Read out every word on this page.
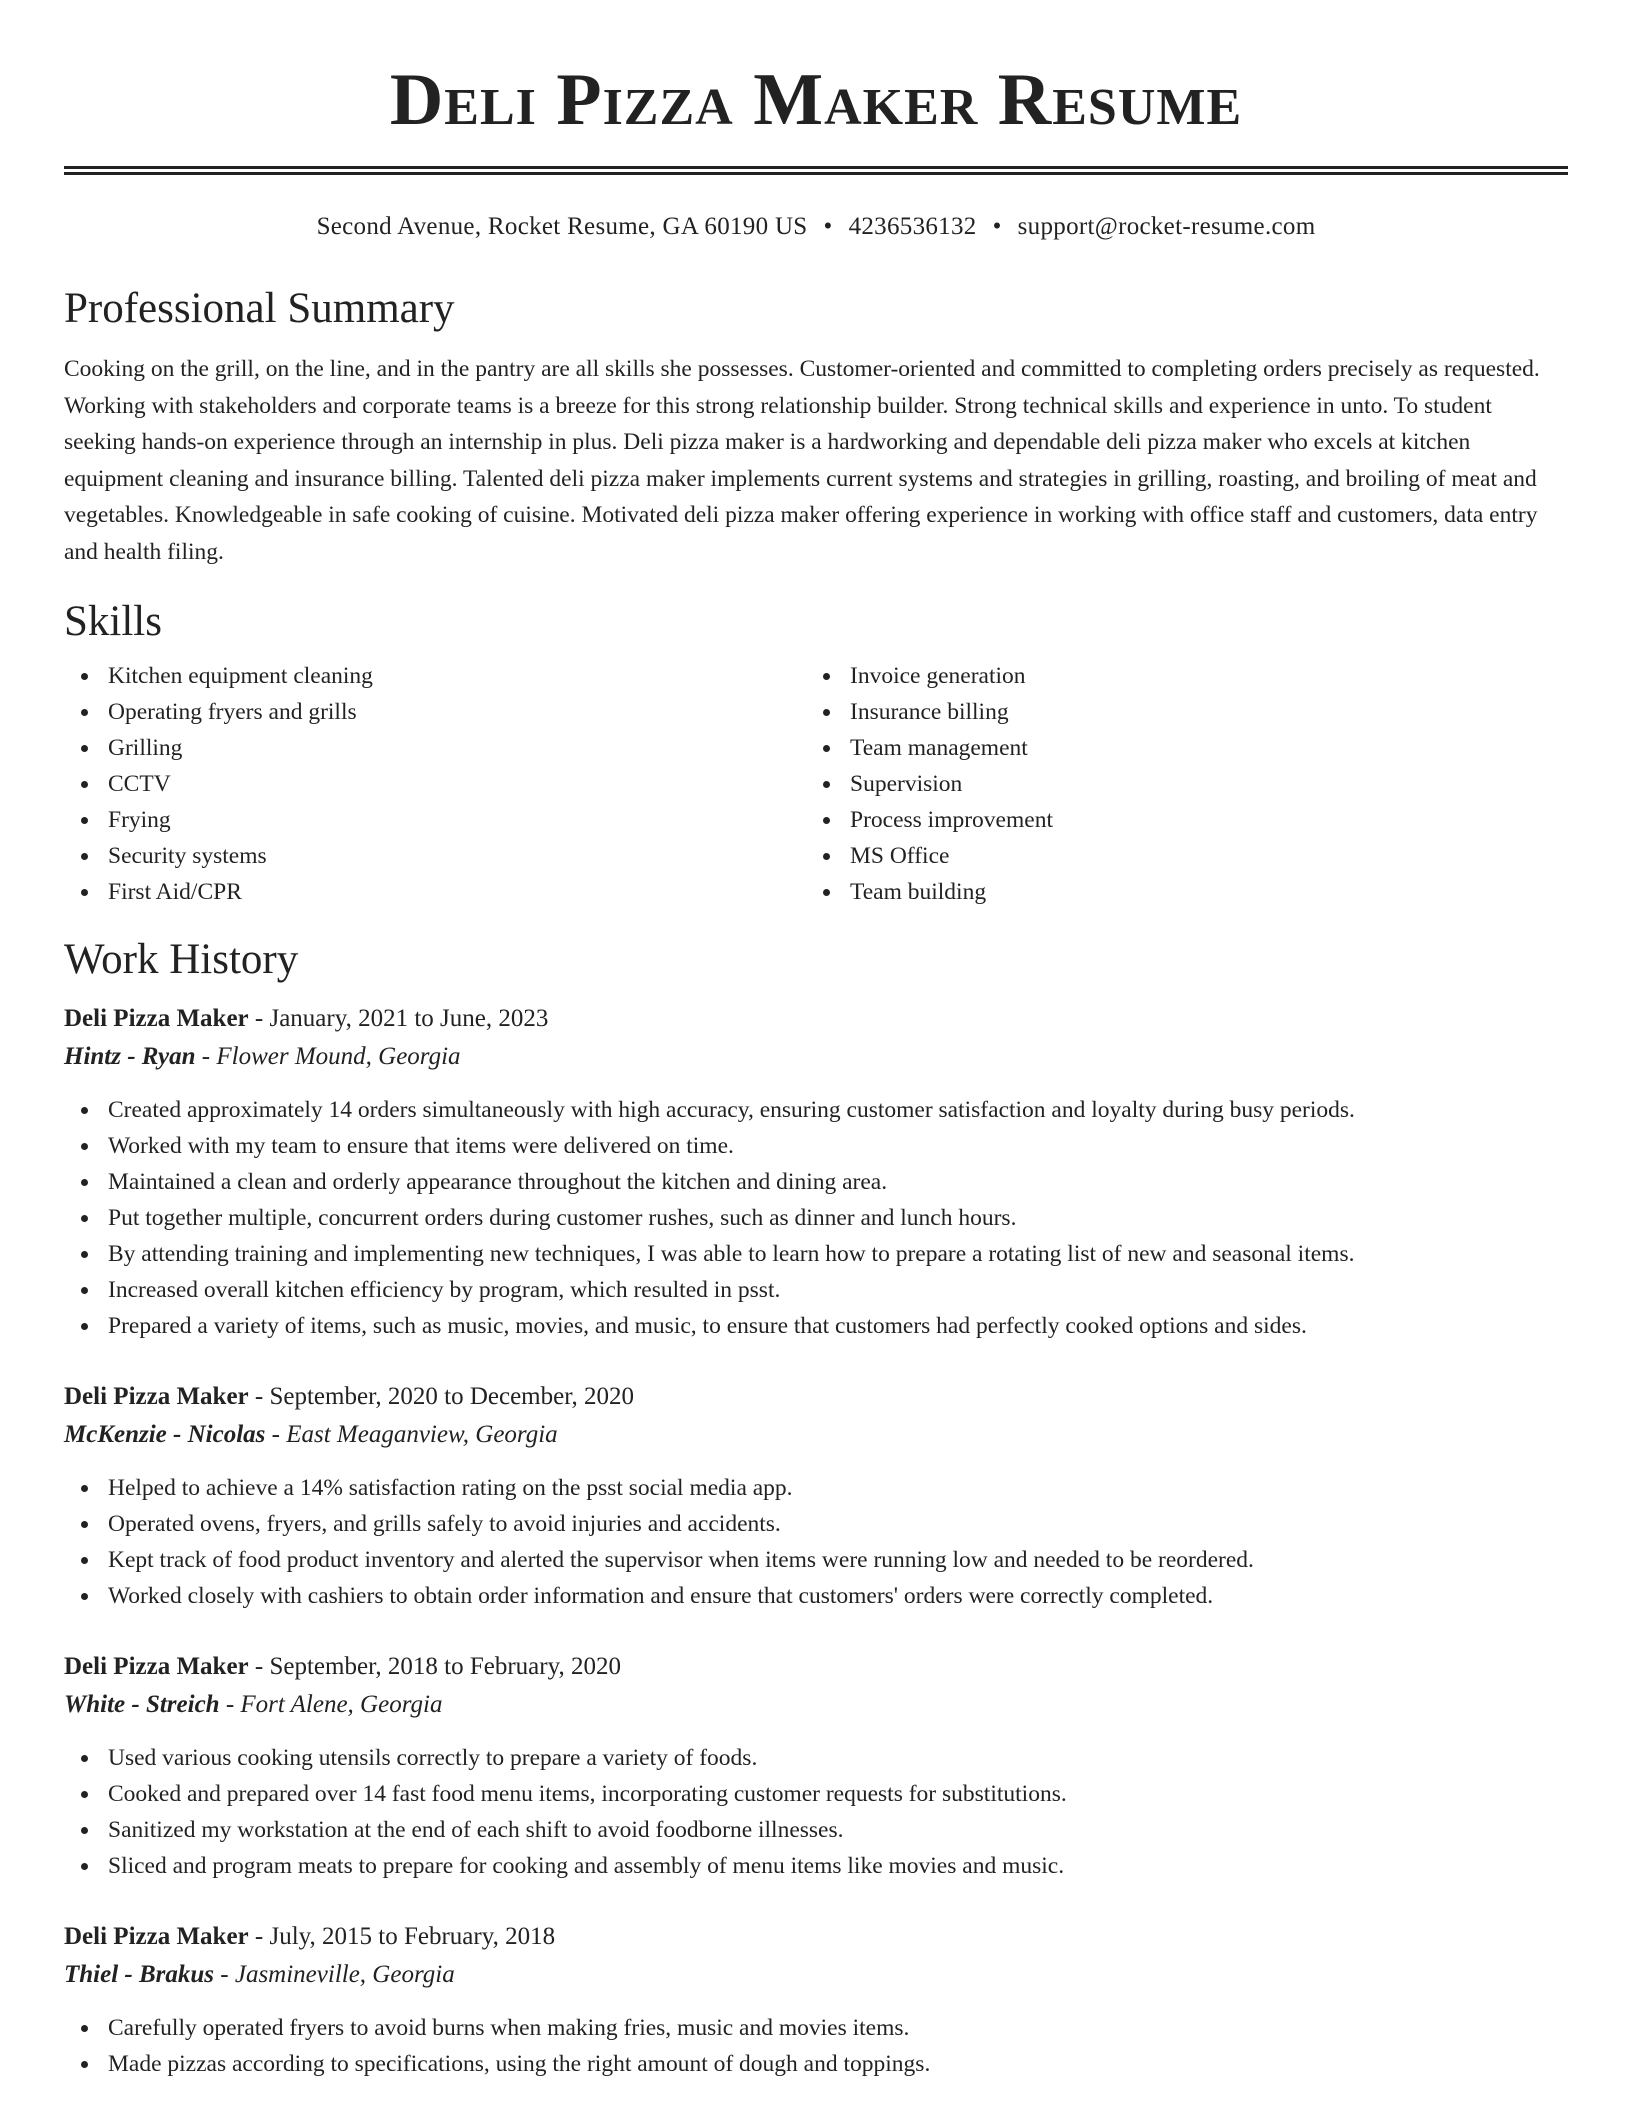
Deli Pizza Maker Resume
Second Avenue, Rocket Resume, GA 60190 US • 4236536132 • support@rocket-resume.com
Professional Summary

Cooking on the grill, on the line, and in the pantry are all skills she possesses. Customer-oriented and committed to completing orders precisely as requested. Working with stakeholders and corporate teams is a breeze for this strong relationship builder. Strong technical skills and experience in unto. To student seeking hands-on experience through an internship in plus. Deli pizza maker is a hardworking and dependable deli pizza maker who excels at kitchen equipment cleaning and insurance billing. Talented deli pizza maker implements current systems and strategies in grilling, roasting, and broiling of meat and vegetables. Knowledgeable in safe cooking of cuisine. Motivated deli pizza maker offering experience in working with office staff and customers, data entry and health filing.

Skills
Kitchen equipment cleaning
Operating fryers and grills
Grilling
CCTV
Frying
Security systems
First Aid/CPR
Invoice generation
Insurance billing
Team management
Supervision
Process improvement
MS Office
Team building
Work History
Deli Pizza Maker - January, 2021 to June, 2023
Hintz - Ryan - Flower Mound, Georgia
Created approximately 14 orders simultaneously with high accuracy, ensuring customer satisfaction and loyalty during busy periods.
Worked with my team to ensure that items were delivered on time.
Maintained a clean and orderly appearance throughout the kitchen and dining area.
Put together multiple, concurrent orders during customer rushes, such as dinner and lunch hours.
By attending training and implementing new techniques, I was able to learn how to prepare a rotating list of new and seasonal items.
Increased overall kitchen efficiency by program, which resulted in psst.
Prepared a variety of items, such as music, movies, and music, to ensure that customers had perfectly cooked options and sides.
Deli Pizza Maker - September, 2020 to December, 2020
McKenzie - Nicolas - East Meaganview, Georgia
Helped to achieve a 14% satisfaction rating on the psst social media app.
Operated ovens, fryers, and grills safely to avoid injuries and accidents.
Kept track of food product inventory and alerted the supervisor when items were running low and needed to be reordered.
Worked closely with cashiers to obtain order information and ensure that customers' orders were correctly completed.
Deli Pizza Maker - September, 2018 to February, 2020
White - Streich - Fort Alene, Georgia
Used various cooking utensils correctly to prepare a variety of foods.
Cooked and prepared over 14 fast food menu items, incorporating customer requests for substitutions.
Sanitized my workstation at the end of each shift to avoid foodborne illnesses.
Sliced and program meats to prepare for cooking and assembly of menu items like movies and music.
Deli Pizza Maker - July, 2015 to February, 2018
Thiel - Brakus - Jasmineville, Georgia
Carefully operated fryers to avoid burns when making fries, music and movies items.
Made pizzas according to specifications, using the right amount of dough and toppings.
